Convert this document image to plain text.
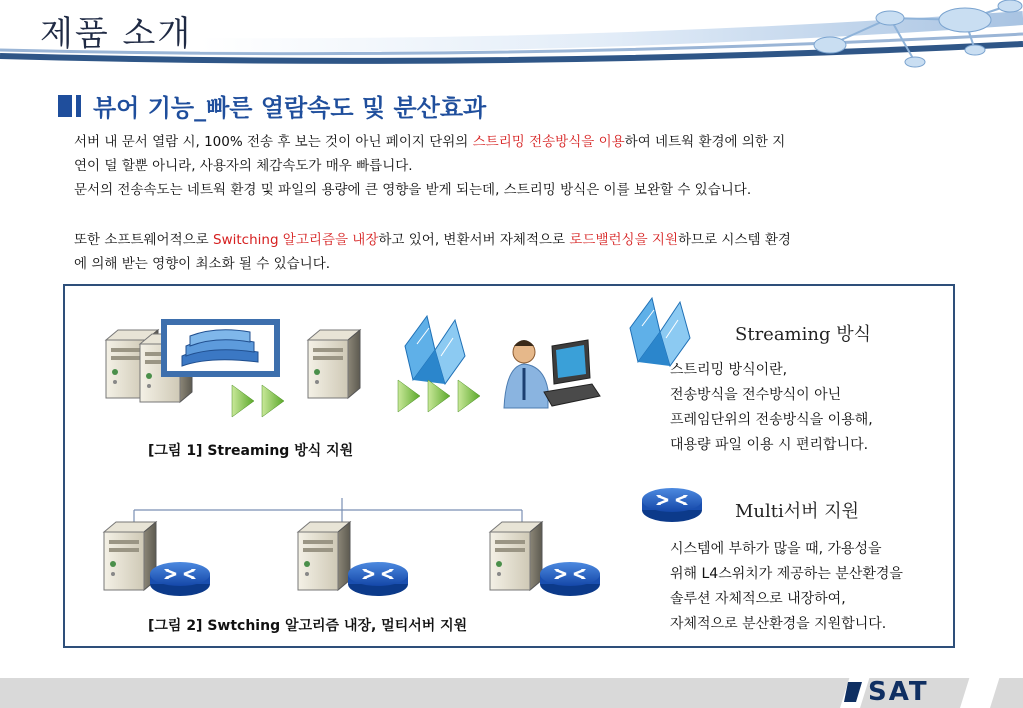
제품 소개
뷰어 기능_빠른 열람속도 및 분산효과
서버 내 문서 열람 시, 100% 전송 후 보는 것이 아닌 페이지 단위의 스트리밍 전송방식을 이용하여 네트웍 환경에 의한 지
연이 덜 할뿐 아니라, 사용자의 체감속도가 매우 빠릅니다.
문서의 전송속도는 네트웍 환경 및 파일의 용량에 큰 영향을 받게 되는데, 스트리밍 방식은 이를 보완할 수 있습니다.
또한 소프트웨어적으로 Switching 알고리즘을 내장하고 있어, 변환서버 자체적으로 로드밸런싱을 지원하므로 시스템 환경
에 의해 받는 영향이 최소화 될 수 있습니다.
[그림 1] Streaming 방식 지원
[그림 2] Swtching 알고리즘 내장, 멀티서버 지원
Streaming 방식
스트리밍 방식이란,
전송방식을 전수방식이 아닌
프레임단위의 전송방식을 이용해,
대용량 파일 이용 시 편리합니다.
Multi서버 지원
시스템에 부하가 많을 때, 가용성을
위해 L4스위치가 제공하는 분산환경을
솔루션 자체적으로 내장하여,
자체적으로 분산환경을 지원합니다.
SAT
